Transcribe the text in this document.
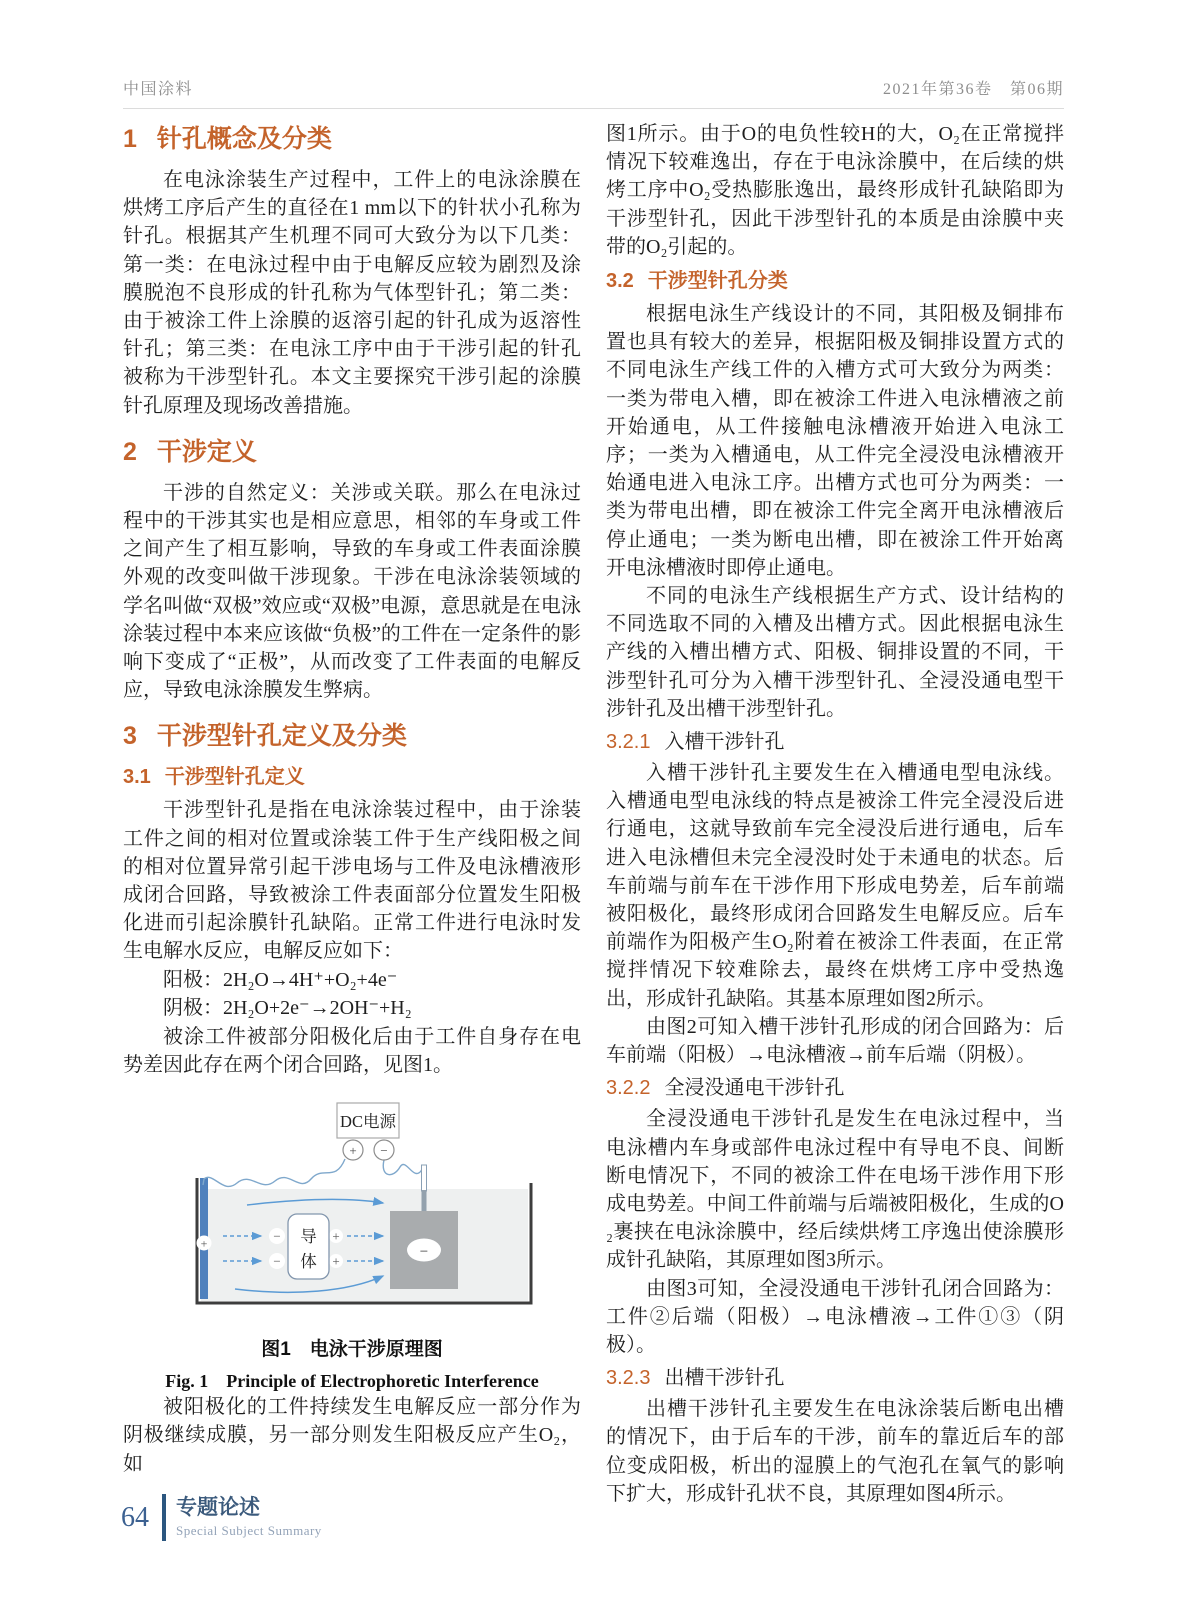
中国涂料	2021年第36卷　第06期
1 针孔概念及分类

在电泳涂装生产过程中，工件上的电泳涂膜在烘烤工序后产生的直径在1 mm以下的针状小孔称为针孔。根据其产生机理不同可大致分为以下几类：第一类：在电泳过程中由于电解反应较为剧烈及涂膜脱泡不良形成的针孔称为气体型针孔；第二类：由于被涂工件上涂膜的返溶引起的针孔成为返溶性针孔；第三类：在电泳工序中由于干涉引起的针孔被称为干涉型针孔。本文主要探究干涉引起的涂膜针孔原理及现场改善措施。

2 干涉定义

干涉的自然定义：关涉或关联。那么在电泳过程中的干涉其实也是相应意思，相邻的车身或工件之间产生了相互影响，导致的车身或工件表面涂膜外观的改变叫做干涉现象。干涉在电泳涂装领域的学名叫做“双极”效应或“双极”电源，意思就是在电泳涂装过程中本来应该做“负极”的工件在一定条件的影响下变成了“正极”，从而改变了工件表面的电解反应，导致电泳涂膜发生弊病。

3 干涉型针孔定义及分类
3.1 干涉型针孔定义

干涉型针孔是指在电泳涂装过程中，由于涂装工件之间的相对位置或涂装工件于生产线阳极之间的相对位置异常引起干涉电场与工件及电泳槽液形成闭合回路，导致被涂工件表面部分位置发生阳极化进而引起涂膜针孔缺陷。正常工件进行电泳时发生电解水反应，电解反应如下：

阳极：2H₂O→4H⁺+O₂+4e⁻

阴极：2H₂O+2e⁻→2OH⁻+H₂

被涂工件被部分阳极化后由于工件自身存在电势差因此存在两个闭合回路，见图1。

+
DC电源
+ −
−
−
+
+
导
体	−
图1　电泳干涉原理图
Fig. 1　Principle of Electrophoretic Interference

被阳极化的工件持续发生电解反应一部分作为阴极继续成膜，另一部分则发生阳极反应产生O₂，如

图1所示。由于O的电负性较H的大，O₂在正常搅拌情况下较难逸出，存在于电泳涂膜中，在后续的烘烤工序中O₂受热膨胀逸出，最终形成针孔缺陷即为干涉型针孔，因此干涉型针孔的本质是由涂膜中夹带的O₂引起的。

3.2 干涉型针孔分类

根据电泳生产线设计的不同，其阳极及铜排布置也具有较大的差异，根据阳极及铜排设置方式的不同电泳生产线工件的入槽方式可大致分为两类：一类为带电入槽，即在被涂工件进入电泳槽液之前开始通电，从工件接触电泳槽液开始进入电泳工序；一类为入槽通电，从工件完全浸没电泳槽液开始通电进入电泳工序。出槽方式也可分为两类：一类为带电出槽，即在被涂工件完全离开电泳槽液后停止通电；一类为断电出槽，即在被涂工件开始离开电泳槽液时即停止通电。

不同的电泳生产线根据生产方式、设计结构的不同选取不同的入槽及出槽方式。因此根据电泳生产线的入槽出槽方式、阳极、铜排设置的不同，干涉型针孔可分为入槽干涉型针孔、全浸没通电型干涉针孔及出槽干涉型针孔。

3.2.1 入槽干涉针孔

入槽干涉针孔主要发生在入槽通电型电泳线。入槽通电型电泳线的特点是被涂工件完全浸没后进行通电，这就导致前车完全浸没后进行通电，后车进入电泳槽但未完全浸没时处于未通电的状态。后车前端与前车在干涉作用下形成电势差，后车前端被阳极化，最终形成闭合回路发生电解反应。后车前端作为阳极产生O₂附着在被涂工件表面，在正常搅拌情况下较难除去，最终在烘烤工序中受热逸出，形成针孔缺陷。其基本原理如图2所示。

由图2可知入槽干涉针孔形成的闭合回路为：后车前端（阳极）→电泳槽液→前车后端（阴极）。

3.2.2 全浸没通电干涉针孔

全浸没通电干涉针孔是发生在电泳过程中，当电泳槽内车身或部件电泳过程中有导电不良、间断断电情况下，不同的被涂工件在电场干涉作用下形成电势差。中间工件前端与后端被阳极化，生成的O₂裹挟在电泳涂膜中，经后续烘烤工序逸出使涂膜形成针孔缺陷，其原理如图3所示。

由图3可知，全浸没通电干涉针孔闭合回路为：工件②后端（阳极）→电泳槽液→工件①③（阴极）。

3.2.3 出槽干涉针孔

出槽干涉针孔主要发生在电泳涂装后断电出槽的情况下，由于后车的干涉，前车的靠近后车的部位变成阳极，析出的湿膜上的气泡孔在氧气的影响下扩大，形成针孔状不良，其原理如图4所示。

64 专题论述
Special Subject Summary
